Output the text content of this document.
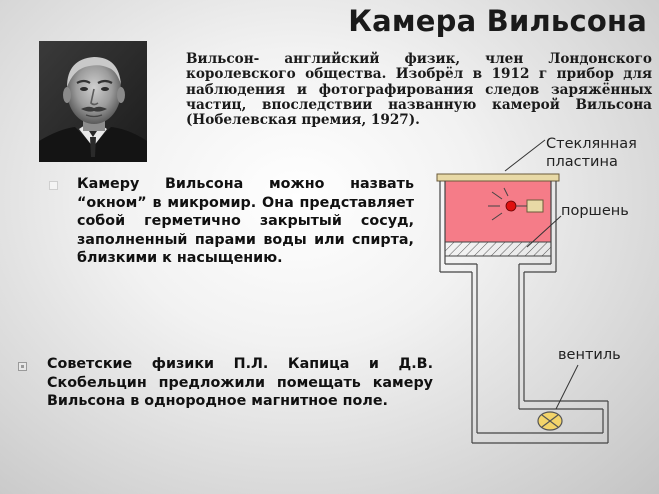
Камера Вильсона
Вильсон- английский физик, член Лондонского королевского общества. Изобрёл в 1912 г прибор для наблюдения и фотографирования следов заряжённых частиц, впоследствии названную камерой Вильсона (Нобелевская премия, 1927).
Камеру Вильсона можно назвать “окном” в микромир. Она представляет собой герметично закрытый сосуд, заполненный парами воды или спирта, близкими к насыщению.
Советские физики П.Л. Капица и Д.В. Скобельцин предложили помещать камеру Вильсона в однородное магнитное поле.
Стеклянная пластина
поршень
вентиль
